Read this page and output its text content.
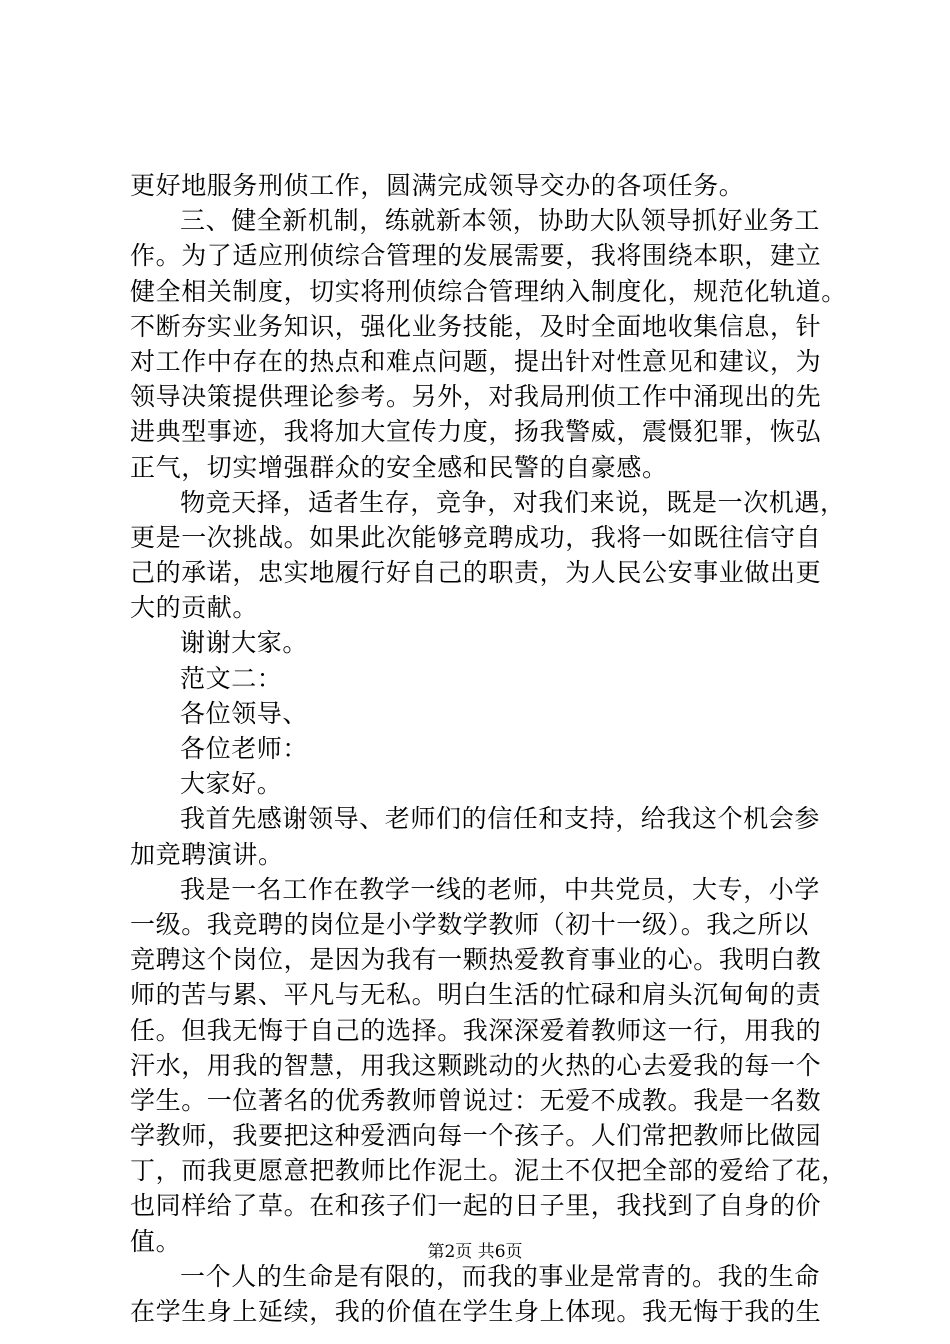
更好地服务刑侦工作，圆满完成领导交办的各项任务。
三、健全新机制，练就新本领，协助大队领导抓好业务工
作。为了适应刑侦综合管理的发展需要，我将围绕本职，建立
健全相关制度，切实将刑侦综合管理纳入制度化，规范化轨道。
不断夯实业务知识，强化业务技能，及时全面地收集信息，针
对工作中存在的热点和难点问题，提出针对性意见和建议，为
领导决策提供理论参考。另外，对我局刑侦工作中涌现出的先
进典型事迹，我将加大宣传力度，扬我警威，震慑犯罪，恢弘
正气，切实增强群众的安全感和民警的自豪感。
物竞天择，适者生存，竞争，对我们来说，既是一次机遇，
更是一次挑战。如果此次能够竞聘成功，我将一如既往信守自
己的承诺，忠实地履行好自己的职责，为人民公安事业做出更
大的贡献。
谢谢大家。
范文二：
各位领导、
各位老师：
大家好。
我首先感谢领导、老师们的信任和支持，给我这个机会参
加竞聘演讲。
我是一名工作在教学一线的老师，中共党员，大专，小学
一级。我竞聘的岗位是小学数学教师（初十一级）。我之所以
竞聘这个岗位，是因为我有一颗热爱教育事业的心。我明白教
师的苦与累、平凡与无私。明白生活的忙碌和肩头沉甸甸的责
任。但我无悔于自己的选择。我深深爱着教师这一行，用我的
汗水，用我的智慧，用我这颗跳动的火热的心去爱我的每一个
学生。一位著名的优秀教师曾说过：无爱不成教。我是一名数
学教师，我要把这种爱洒向每一个孩子。人们常把教师比做园
丁，而我更愿意把教师比作泥土。泥土不仅把全部的爱给了花，
也同样给了草。在和孩子们一起的日子里，我找到了自身的价
值。
一个人的生命是有限的，而我的事业是常青的。我的生命
在学生身上延续，我的价值在学生身上体现。我无悔于我的生
第2页 共6页
